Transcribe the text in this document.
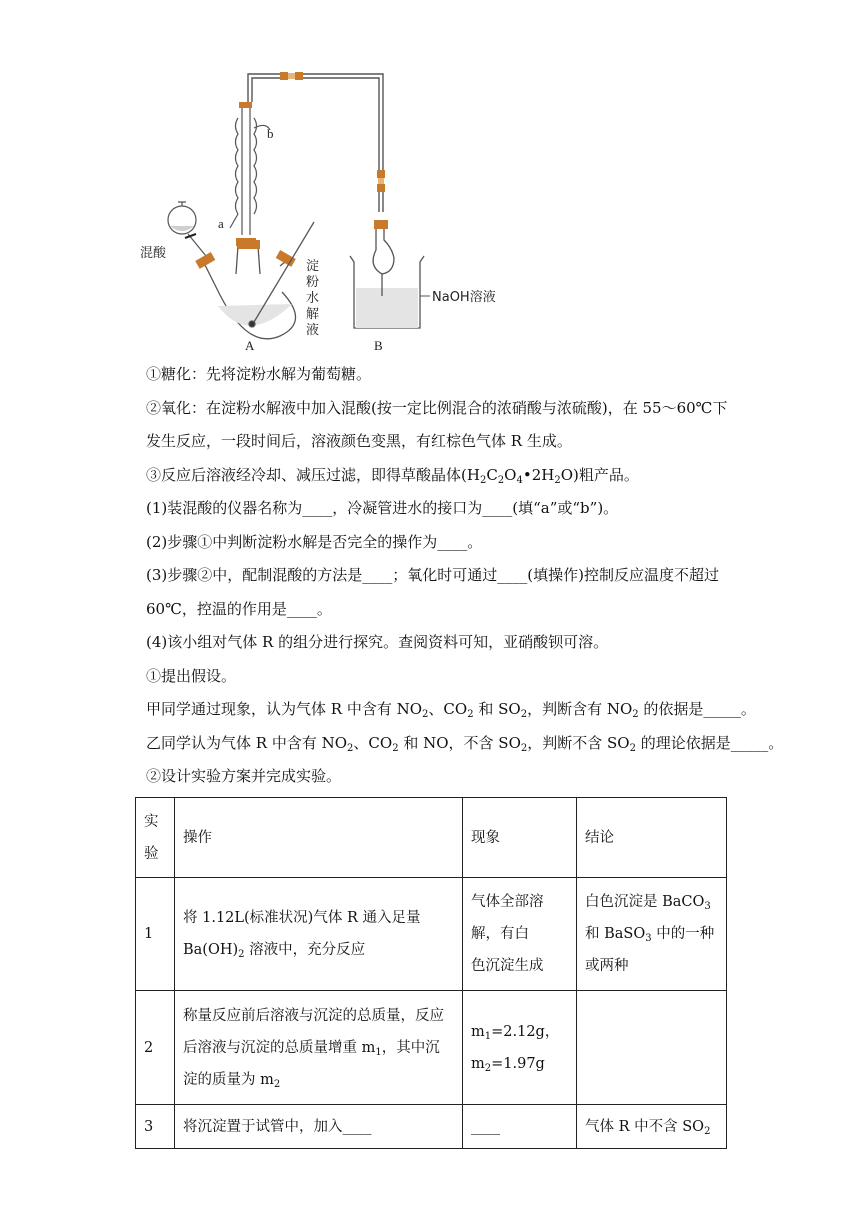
b
a
混酸
淀
粉
水
解
液
A
NaOH溶液
B

①糖化：先将淀粉水解为葡萄糖。

②氧化：在淀粉水解液中加入混酸(按一定比例混合的浓硝酸与浓硫酸)，在 55～60℃下

发生反应，一段时间后，溶液颜色变黑，有红棕色气体 R 生成。

③反应后溶液经冷却、减压过滤，即得草酸晶体$(H_2C_2O_4•2H_2O)$粗产品。

(1)装混酸的仪器名称为____，冷凝管进水的接口为____(填“a”或“b”)。

(2)步骤①中判断淀粉水解是否完全的操作为____。

(3)步骤②中，配制混酸的方法是____；氧化时可通过____(填操作)控制反应温度不超过

60℃，控温的作用是____。

(4)该小组对气体 R 的组分进行探究。查阅资料可知，亚硝酸钡可溶。

①提出假设。

甲同学通过现象，认为气体 R 中含有 $NO_2$、$CO_2$ 和 $SO_2$，判断含有 $NO_2$ 的依据是_____。

乙同学认为气体 R 中含有 $NO_2$、$CO_2$ 和 NO，不含 $SO_2$，判断不含 $SO_2$ 的理论依据是_____。

②设计实验方案并完成实验。

实
验	操作	现象	结论
1	将 1.12L(标准状况)气体 R 通入足量
$Ba(OH)_2$ 溶液中，充分反应	气体全部溶
解，有白
色沉淀生成	白色沉淀是 BaCO$_3$
和 BaSO$_3$ 中的一种
或两种
2	称量反应前后溶液与沉淀的总质量，反应
后溶液与沉淀的总质量增重 $m_1$，其中沉
淀的质量为 $m_2$	$m_1=2.12g$，
$m_2=1.97g$	
3	将沉淀置于试管中，加入____	____	气体 R 中不含 $SO_2$
